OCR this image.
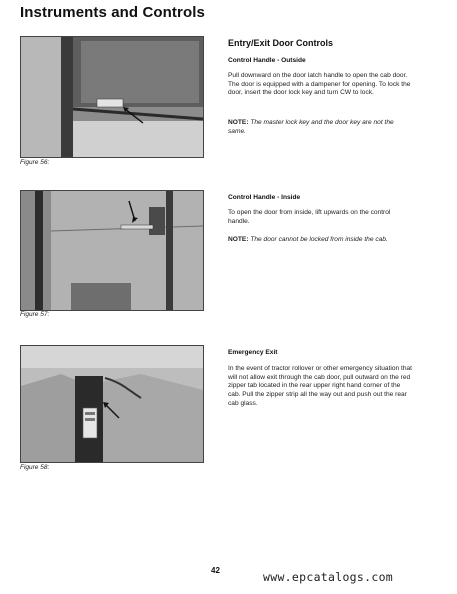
Instruments and Controls
Figure 56:
Figure 57:
Figure 58:
Entry/Exit Door Controls
Control Handle - Outside
Pull downward on the door latch handle to open the cab door. The door is equipped with a dampener for opening. To lock the door, insert the door lock key and turn CW to lock.
NOTE: The master lock key and the door key are not the same.
Control Handle - Inside
To open the door from inside, lift upwards on the control handle.
NOTE: The door cannot be locked from inside the cab.
Emergency Exit
In the event of tractor rollover or other emergency situation that will not allow exit through the cab door, pull outward on the red zipper tab located in the rear upper right hand corner of the cab. Pull the zipper strip all the way out and push out the rear cab glass.
42	www.epcatalogs.com
